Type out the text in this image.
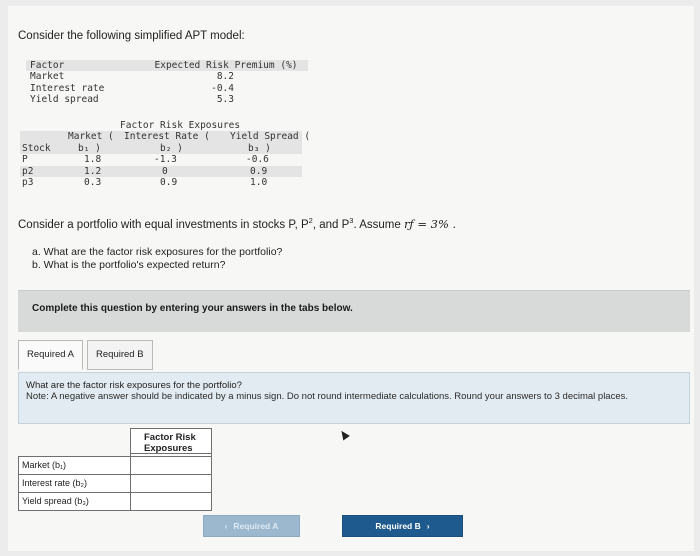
Consider the following simplified APT model:
Factor	Expected Risk Premium (%)
Market	8.2
Interest rate	-0.4
Yield spread	5.3
Factor Risk Exposures
Market ( Interest Rate ( Yield Spread (
Stock	b₁ )	b₂ )	b₃ )
P	1.8	-1.3	-0.6
p2	1.2	0	0.9
p3	0.3	0.9	1.0
Consider a portfolio with equal investments in stocks P, $P^2$, and $P^3$. Assume rƒ = 3% .
a. What are the factor risk exposures for the portfolio?
b. What is the portfolio's expected return?
Complete this question by entering your answers in the tabs below.
Required A	Required B
What are the factor risk exposures for the portfolio?
Note: A negative answer should be indicated by a minus sign. Do not round intermediate calculations. Round your answers to 3 decimal places.
Factor Risk Exposures
Market (b₁)
Interest rate (b₂)
Yield spread (b₃)
‹ Required A	Required B ›
